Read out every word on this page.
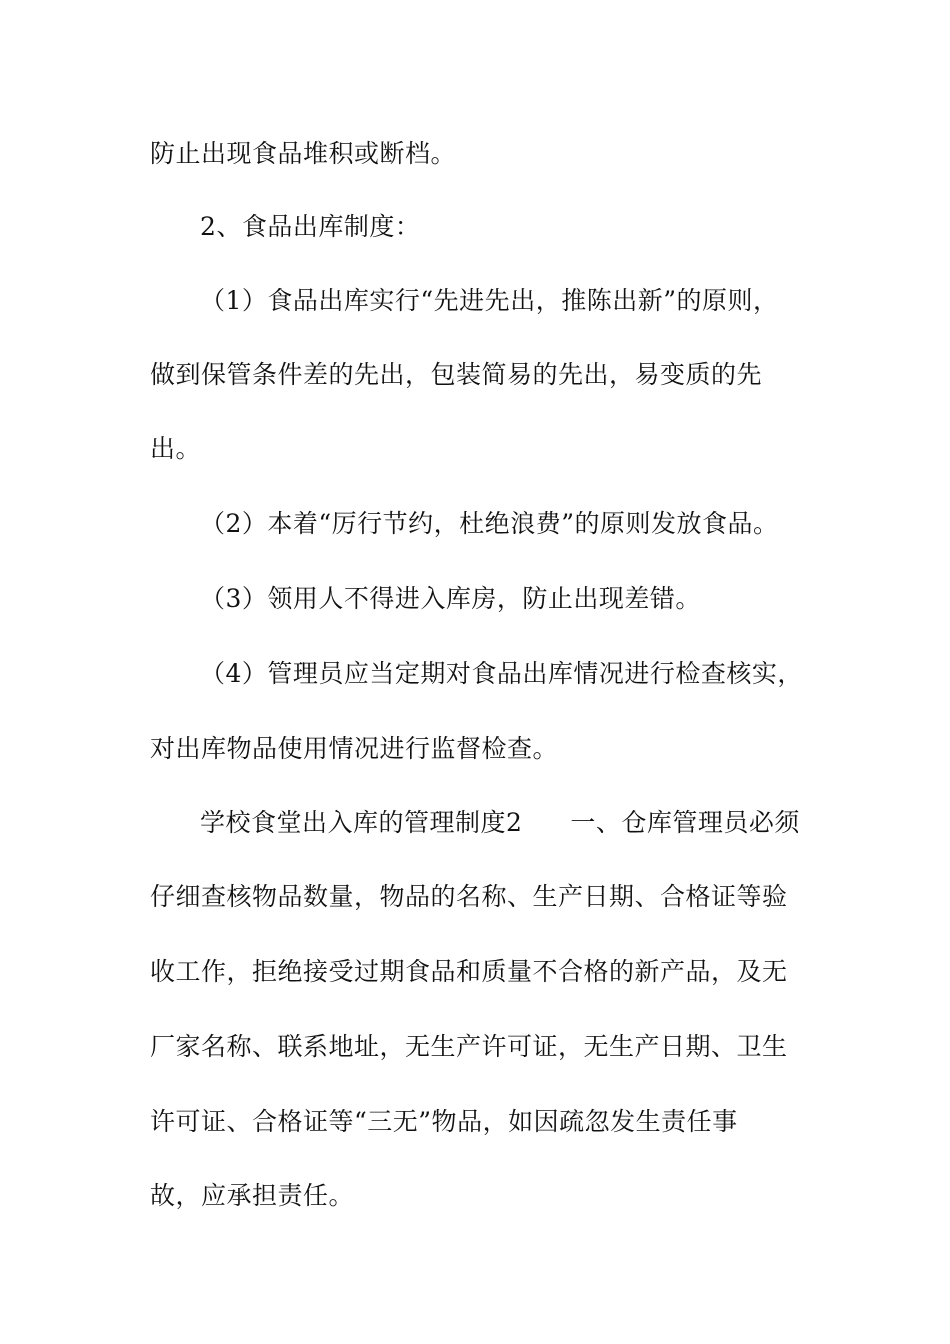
防止出现食品堆积或断档。
2、食品出库制度：
（1）食品出库实行“先进先出，推陈出新”的原则，
做到保管条件差的先出，包装简易的先出，易变质的先
出。
（2）本着“厉行节约，杜绝浪费”的原则发放食品。
（3）领用人不得进入库房，防止出现差错。
（4）管理员应当定期对食品出库情况进行检查核实，
对出库物品使用情况进行监督检查。
学校食堂出入库的管理制度2 一、仓库管理员必须
仔细查核物品数量，物品的名称、生产日期、合格证等验
收工作，拒绝接受过期食品和质量不合格的新产品，及无
厂家名称、联系地址，无生产许可证，无生产日期、卫生
许可证、合格证等“三无”物品，如因疏忽发生责任事
故，应承担责任。
